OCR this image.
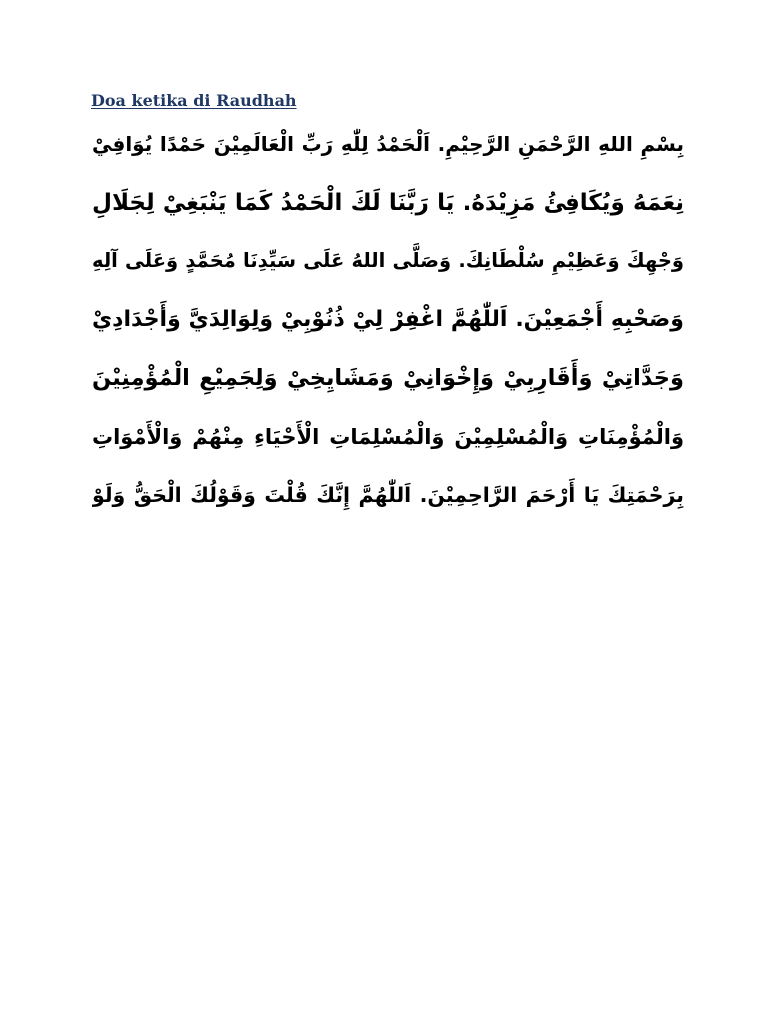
Doa ketika di Raudhah
بِسْمِ اللهِ الرَّحْمَنِ الرَّحِيْمِ. اَلْحَمْدُ لِلّٰهِ رَبِّ الْعَالَمِيْنَ حَمْدًا يُوَافِيْ
نِعَمَهُ وَيُكَافِئُ مَزِيْدَهُ. يَا رَبَّنَا لَكَ الْحَمْدُ كَمَا يَنْبَغِيْ لِجَلَالِ
وَجْهِكَ وَعَظِيْمِ سُلْطَانِكَ. وَصَلَّى اللهُ عَلَى سَيِّدِنَا مُحَمَّدٍ وَعَلَى آلِهِ
وَصَحْبِهِ أَجْمَعِيْنَ. اَللّٰهُمَّ اغْفِرْ لِيْ ذُنُوْبِيْ وَلِوَالِدَيَّ وَأَجْدَادِيْ
وَجَدَّاتِيْ وَأَقَارِبِيْ وَإِخْوَانِيْ وَمَشَايِخِيْ وَلِجَمِيْعِ الْمُؤْمِنِيْنَ
وَالْمُؤْمِنَاتِ وَالْمُسْلِمِيْنَ وَالْمُسْلِمَاتِ الْأَحْيَاءِ مِنْهُمْ وَالْأَمْوَاتِ
بِرَحْمَتِكَ يَا أَرْحَمَ الرَّاحِمِيْنَ. اَللّٰهُمَّ إِنَّكَ قُلْتَ وَقَوْلُكَ الْحَقُّ وَلَوْ
